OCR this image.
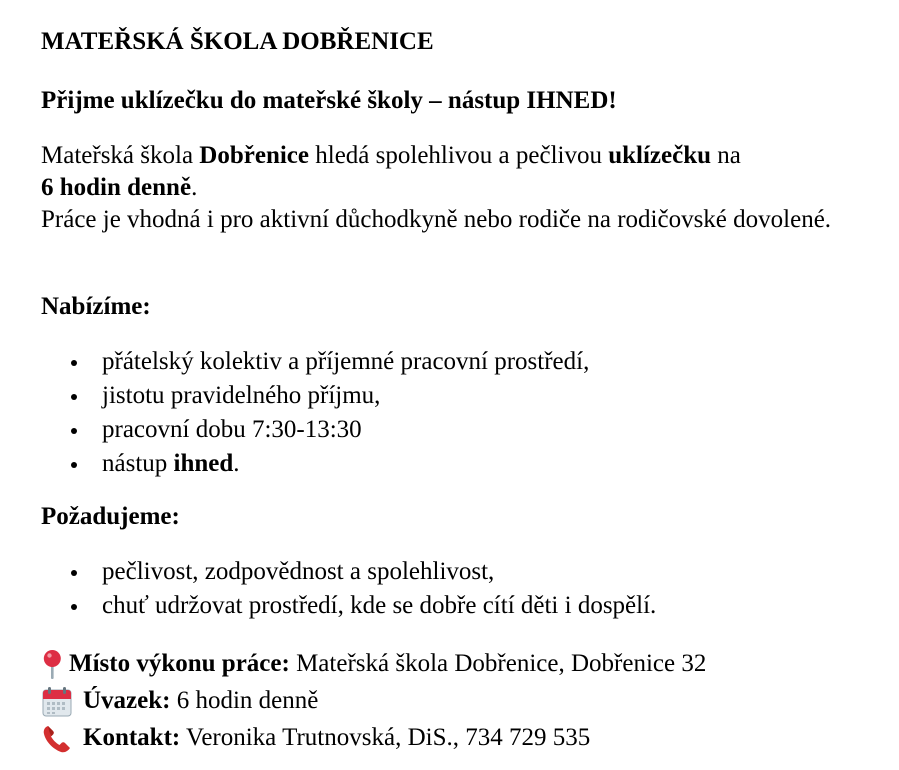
MATEŘSKÁ ŠKOLA DOBŘENICE
Přijme uklízečku do mateřské školy – nástup IHNED!

Mateřská škola Dobřenice hledá spolehlivou a pečlivou uklízečku na
6 hodin denně.

Práce je vhodná i pro aktivní důchodkyně nebo rodiče na rodičovské dovolené.

Nabízíme:
přátelský kolektiv a příjemné pracovní prostředí,
jistotu pravidelného příjmu,
pracovní dobu 7:30-13:30
nástup ihned.
Požadujeme:
pečlivost, zodpovědnost a spolehlivost,
chuť udržovat prostředí, kde se dobře cítí děti i dospělí.
Místo výkonu práce: Mateřská škola Dobřenice, Dobřenice 32
Úvazek: 6 hodin denně
Kontakt: Veronika Trutnovská, DiS., 734 729 535
